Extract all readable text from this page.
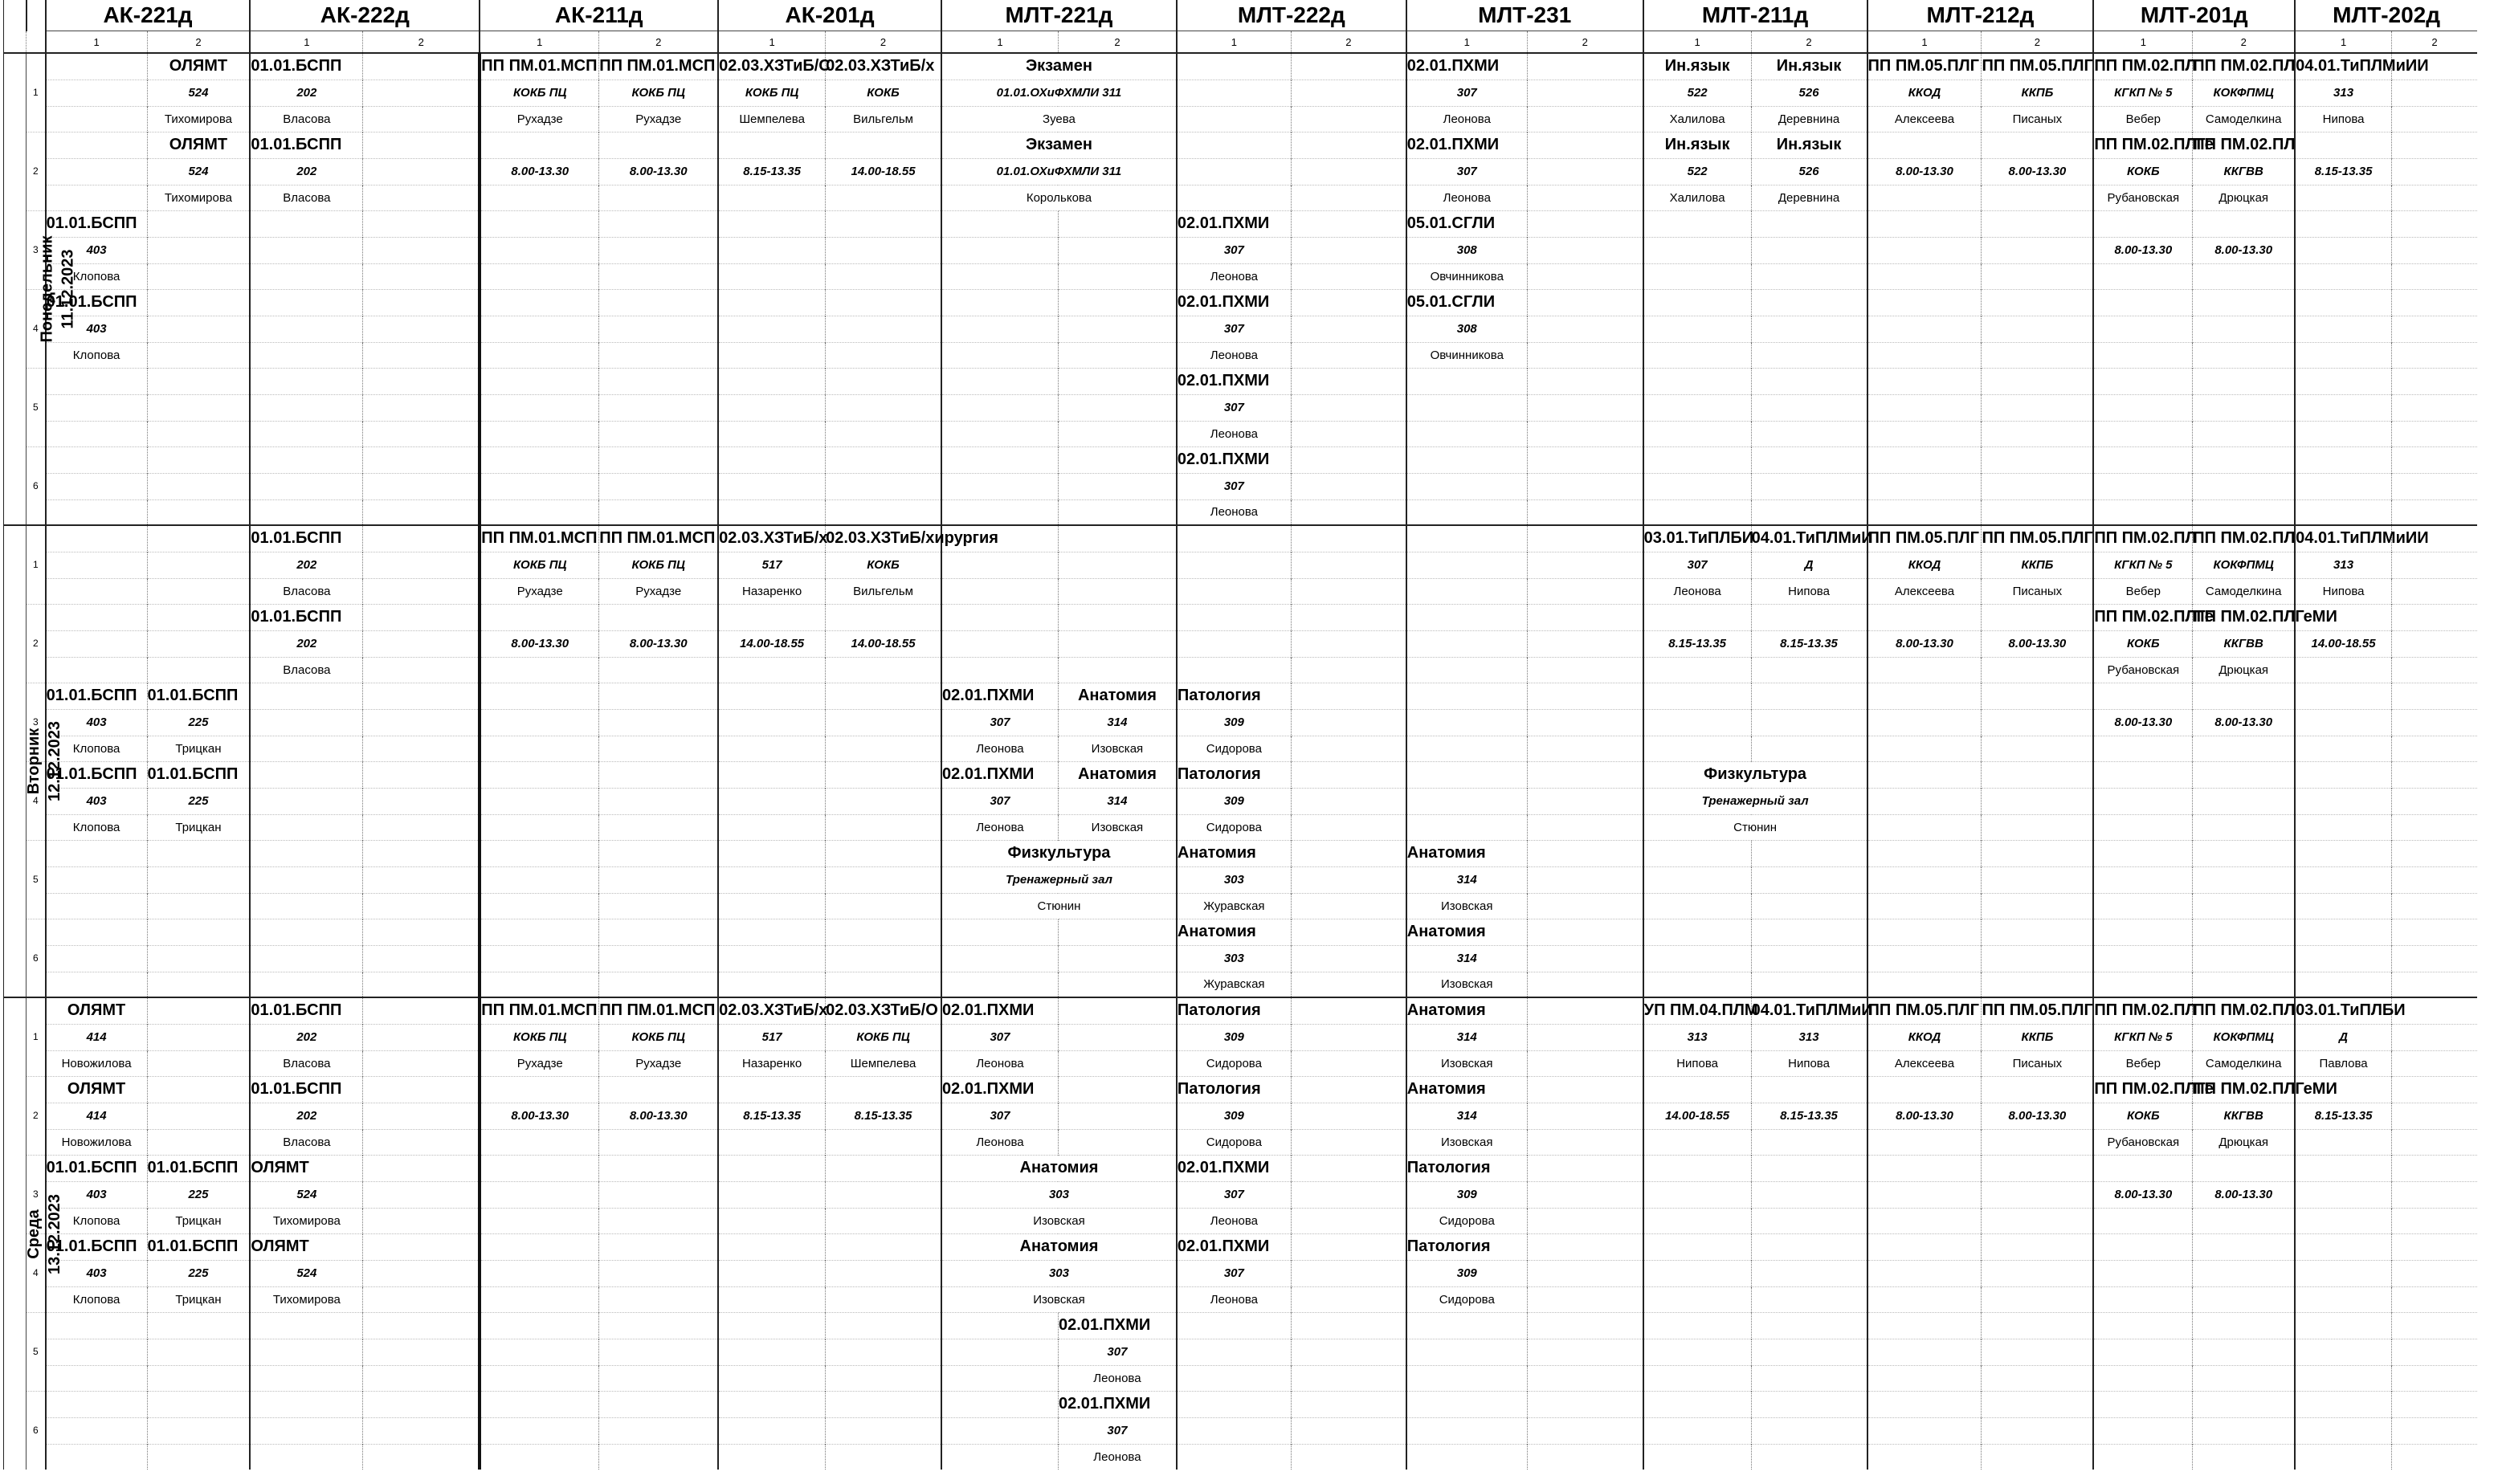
		АК-221д		АК-222д		АК-211д		АК-201д		МЛТ-221д		МЛТ-222д		МЛТ-231		МЛТ-211д		МЛТ-212д		МЛТ-201д		МЛТ-202д	
		1	2	1	2	1	2	1	2	1	2	1	2	1	2	1	2	1	2	1	2	1	2

Понедельник 11.12.2023	1		ОЛЯМТ	01.01.БСПП		ПП ПМ.01.МСП	ПП ПМ.01.МСП	02.03.ХЗТиБ/С	02.03.ХЗТиБ/х	Экзамен				02.01.ПХМИ		Ин.язык	Ин.язык	ПП ПМ.05.ПЛГ	ПП ПМ.05.ПЛГ	ПП ПМ.02.ПЛ	ПП ПМ.02.ПЛ	04.01.ТиПЛМиИИ	
			524	202		КОКБ ПЦ	КОКБ ПЦ	КОКБ ПЦ	КОКБ	01.01.ОХиФХМЛИ 311				307		522	526	ККОД	ККПБ	КГКП № 5	КОКФПМЦ	313	
			Тихомирова	Власова		Рухадзе	Рухадзе	Шемпелева	Вильгельм	Зуева				Леонова		Халилова	Деревнина	Алексеева	Писаных	Вебер	Самоделкина	Нипова	
	2		ОЛЯМТ	01.01.БСПП						Экзамен				02.01.ПХМИ		Ин.язык	Ин.язык			ПП ПМ.02.ПЛГе	ПП ПМ.02.ПЛ		
			524	202		8.00-13.30	8.00-13.30	8.15-13.35	14.00-18.55	01.01.ОХиФХМЛИ 311				307		522	526	8.00-13.30	8.00-13.30	КОКБ	ККГВВ	8.15-13.35	
			Тихомирова	Власова						Королькова				Леонова		Халилова	Деревнина			Рубановская	Дрюцкая		
	3	01.01.БСПП										02.01.ПХМИ		05.01.СГЛИ									
		403										307		308						8.00-13.30	8.00-13.30		
		Клопова										Леонова		Овчинникова									
	4	01.01.БСПП										02.01.ПХМИ		05.01.СГЛИ									
		403										307		308									
		Клопова										Леонова		Овчинникова									
	5											02.01.ПХМИ											
												307											
												Леонова											
	6											02.01.ПХМИ											
												307											
												Леонова											

Вторник 12.12.2023	1			01.01.БСПП		ПП ПМ.01.МСП	ПП ПМ.01.МСП	02.03.ХЗТиБ/х	02.03.ХЗТиБ/хирургия							03.01.ТиПЛБИ	04.01.ТиПЛМиИ	ПП ПМ.05.ПЛГ	ПП ПМ.05.ПЛГ	ПП ПМ.02.ПЛ	ПП ПМ.02.ПЛ	04.01.ТиПЛМиИИ	
				202		КОКБ ПЦ	КОКБ ПЦ	517	КОКБ							307	Д	ККОД	ККПБ	КГКП № 5	КОКФПМЦ	313	
				Власова		Рухадзе	Рухадзе	Назаренко	Вильгельм							Леонова	Нипова	Алексеева	Писаных	Вебер	Самоделкина	Нипова	
	2			01.01.БСПП																ПП ПМ.02.ПЛГе	ПП ПМ.02.ПЛГеМИ		
				202		8.00-13.30	8.00-13.30	14.00-18.55	14.00-18.55							8.15-13.35	8.15-13.35	8.00-13.30	8.00-13.30	КОКБ	ККГВВ	14.00-18.55	
				Власова																Рубановская	Дрюцкая		
	3	01.01.БСПП	01.01.БСПП							02.01.ПХМИ	Анатомия	Патология											
		403	225							307	314	309								8.00-13.30	8.00-13.30		
		Клопова	Трицкан							Леонова	Изовская	Сидорова											
	4	01.01.БСПП	01.01.БСПП							02.01.ПХМИ	Анатомия	Патология				Физкультура							
		403	225							307	314	309				Тренажерный зал							
		Клопова	Трицкан							Леонова	Изовская	Сидорова				Стюнин							
	5									Физкультура		Анатомия		Анатомия									
										Тренажерный зал		303		314									
										Стюнин		Журавская		Изовская									
	6											Анатомия		Анатомия									
												303		314									
												Журавская		Изовская									

Среда 13.12.2023	1	ОЛЯМТ		01.01.БСПП		ПП ПМ.01.МСП	ПП ПМ.01.МСП	02.03.ХЗТиБ/х	02.03.ХЗТиБ/О	02.01.ПХМИ		Патология		Анатомия		УП ПМ.04.ПЛМ	04.01.ТиПЛМиИ	ПП ПМ.05.ПЛГ	ПП ПМ.05.ПЛГ	ПП ПМ.02.ПЛ	ПП ПМ.02.ПЛ	03.01.ТиПЛБИ	
		414		202		КОКБ ПЦ	КОКБ ПЦ	517	КОКБ ПЦ	307		309		314		313	313	ККОД	ККПБ	КГКП № 5	КОКФПМЦ	Д	
		Новожилова		Власова		Рухадзе	Рухадзе	Назаренко	Шемпелева	Леонова		Сидорова		Изовская		Нипова	Нипова	Алексеева	Писаных	Вебер	Самоделкина	Павлова	
	2	ОЛЯМТ		01.01.БСПП						02.01.ПХМИ		Патология		Анатомия						ПП ПМ.02.ПЛГе	ПП ПМ.02.ПЛГеМИ		
		414		202		8.00-13.30	8.00-13.30	8.15-13.35	8.15-13.35	307		309		314		14.00-18.55	8.15-13.35	8.00-13.30	8.00-13.30	КОКБ	ККГВВ	8.15-13.35	
		Новожилова		Власова						Леонова		Сидорова		Изовская						Рубановская	Дрюцкая		
	3	01.01.БСПП	01.01.БСПП	ОЛЯМТ						Анатомия		02.01.ПХМИ		Патология									
		403	225	524						303		307		309						8.00-13.30	8.00-13.30		
		Клопова	Трицкан	Тихомирова						Изовская		Леонова		Сидорова									
	4	01.01.БСПП	01.01.БСПП	ОЛЯМТ						Анатомия		02.01.ПХМИ		Патология									
		403	225	524						303		307		309									
		Клопова	Трицкан	Тихомирова						Изовская		Леонова		Сидорова									
	5										02.01.ПХМИ												
											307												
											Леонова												
	6										02.01.ПХМИ												
											307												
											Леонова												
